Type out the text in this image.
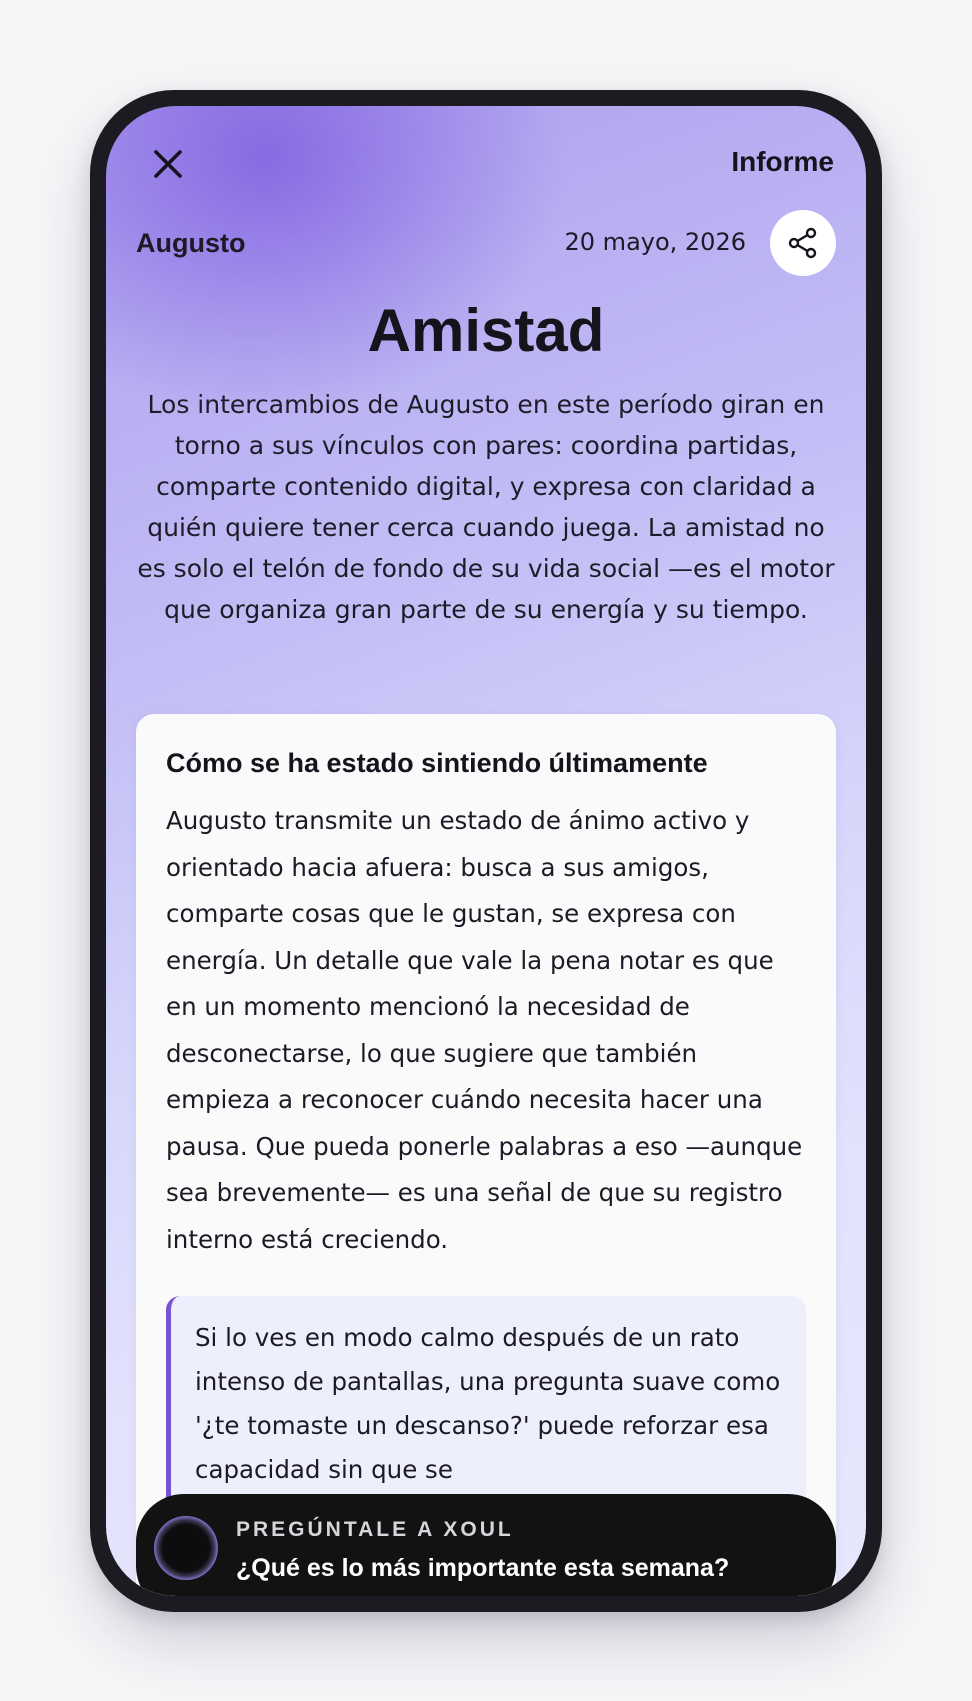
Informe
Augusto	20 mayo, 2026
Amistad
Los intercambios de Augusto en este período giran en torno a sus vínculos con pares: coordina partidas, comparte contenido digital, y expresa con claridad a quién quiere tener cerca cuando juega. La amistad no es solo el telón de fondo de su vida social —es el motor que organiza gran parte de su energía y su tiempo.
Cómo se ha estado sintiendo últimamente
Augusto transmite un estado de ánimo activo y orientado hacia afuera: busca a sus amigos, comparte cosas que le gustan, se expresa con energía. Un detalle que vale la pena notar es que en un momento mencionó la necesidad de desconectarse, lo que sugiere que también empieza a reconocer cuándo necesita hacer una pausa. Que pueda ponerle palabras a eso —aunque sea brevemente— es una señal de que su registro interno está creciendo.
Si lo ves en modo calmo después de un rato intenso de pantallas, una pregunta suave como '¿te tomaste un descanso?' puede reforzar esa capacidad sin que se
PREGÚNTALE A XOUL
¿Qué es lo más importante esta semana?
